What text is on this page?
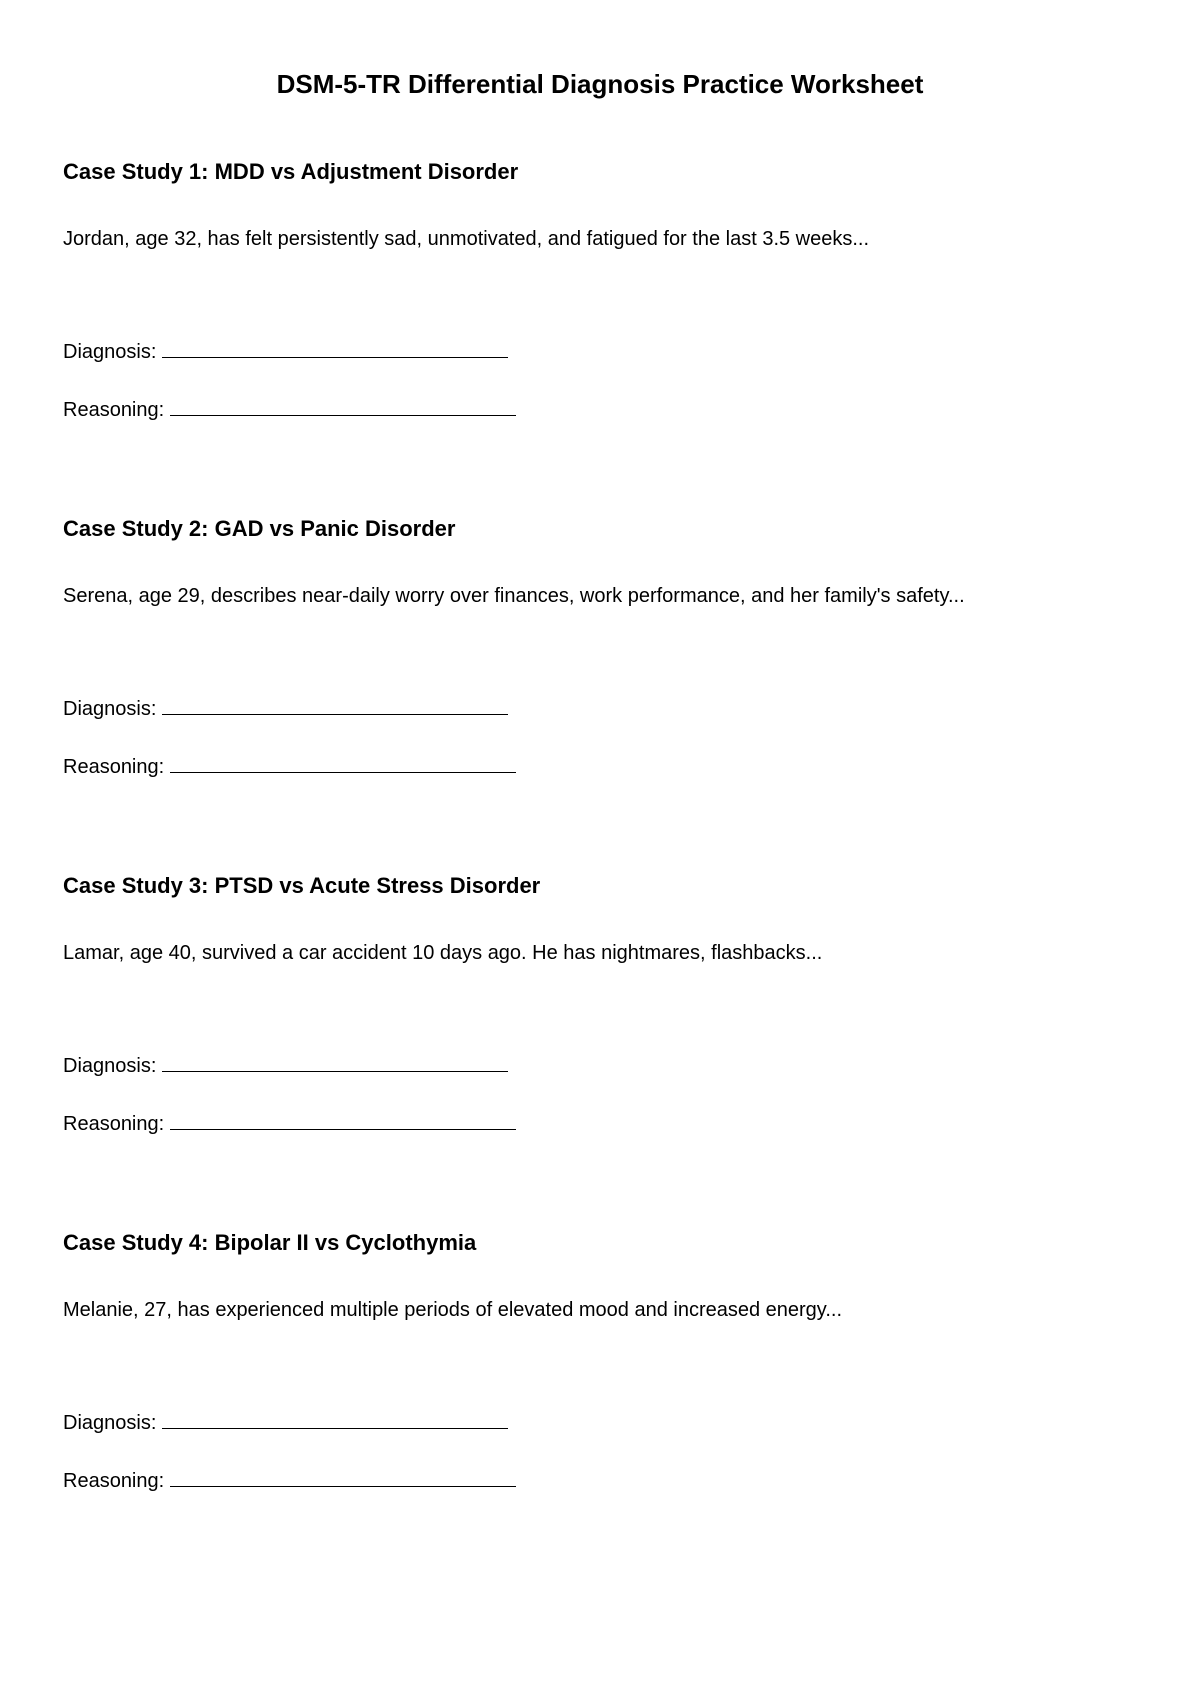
DSM-5-TR Differential Diagnosis Practice Worksheet
Case Study 1: MDD vs Adjustment Disorder

Jordan, age 32, has felt persistently sad, unmotivated, and fatigued for the last 3.5 weeks...

Diagnosis:

Reasoning:

Case Study 2: GAD vs Panic Disorder

Serena, age 29, describes near-daily worry over finances, work performance, and her family's safety...

Diagnosis:

Reasoning:

Case Study 3: PTSD vs Acute Stress Disorder

Lamar, age 40, survived a car accident 10 days ago. He has nightmares, flashbacks...

Diagnosis:

Reasoning:

Case Study 4: Bipolar II vs Cyclothymia

Melanie, 27, has experienced multiple periods of elevated mood and increased energy...

Diagnosis:

Reasoning:
